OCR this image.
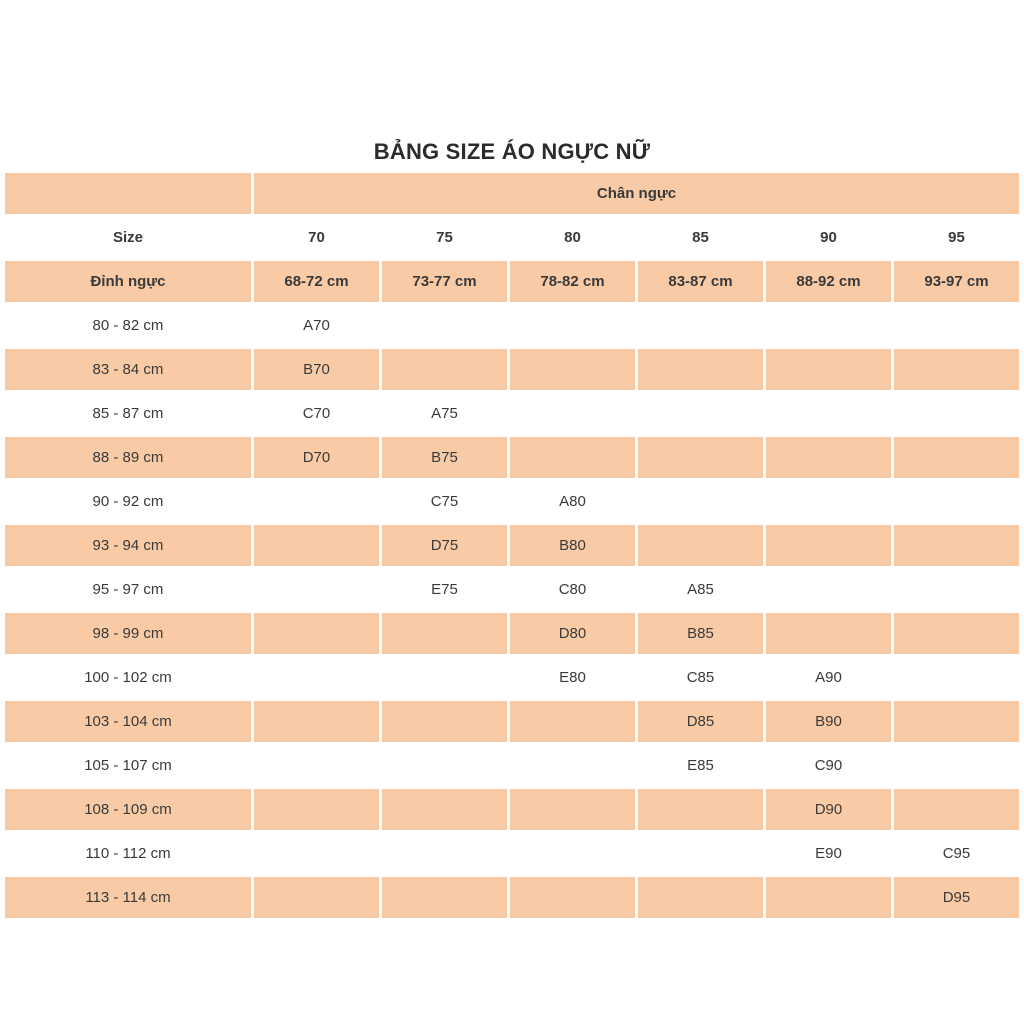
BẢNG SIZE ÁO NGỰC NỮ
	Chân ngực					
Size	70	75	80	85	90	95
Đỉnh ngực	68-72 cm	73-77 cm	78-82 cm	83-87 cm	88-92 cm	93-97 cm
80 - 82 cm	A70					
83 - 84 cm	B70					
85 - 87 cm	C70	A75				
88 - 89 cm	D70	B75				
90 - 92 cm		C75	A80			
93 - 94 cm		D75	B80			
95 - 97 cm		E75	C80	A85		
98 - 99 cm			D80	B85		
100 - 102 cm			E80	C85	A90	
103 - 104 cm				D85	B90	
105 - 107 cm				E85	C90	
108 - 109 cm					D90	
110 - 112 cm					E90	C95
113 - 114 cm						D95
